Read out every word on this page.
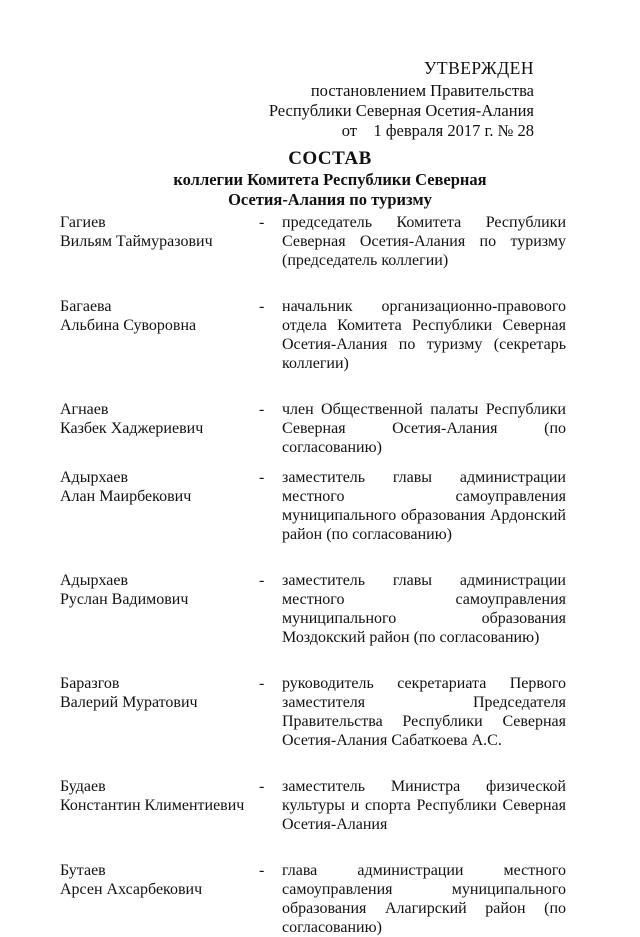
УТВЕРЖДЕН
постановлением Правительства
Республики Северная Осетия-Алания
от    1 февраля 2017 г. № 28
СОСТАВ
коллегии Комитета Республики Северная
Осетия-Алания по туризму
Гагиев
Вильям Таймуразович
- председатель Комитета Республики Северная Осетия-Алания по туризму (председатель коллегии)
Багаева
Альбина Суворовна
- начальник организационно-правового отдела Комитета Республики Северная Осетия-Алания по туризму (секретарь коллегии)
Агнаев
Казбек Хаджериевич
- член Общественной палаты Республики Северная Осетия-Алания (по согласованию)
Адырхаев
Алан Маирбекович
- заместитель главы администрации местного самоуправления муниципального образования Ардонский район (по согласованию)
Адырхаев
Руслан Вадимович
- заместитель главы администрации местного самоуправления муниципального образования Моздокский район (по согласованию)
Баразгов
Валерий Муратович
- руководитель секретариата Первого заместителя Председателя Правительства Республики Северная Осетия-Алания Сабаткоева А.С.
Будаев
Константин Климентиевич
- заместитель Министра физической культуры и спорта Республики Северная Осетия-Алания
Бутаев
Арсен Ахсарбекович
- глава администрации местного самоуправления муниципального образования Алагирский район (по согласованию)
